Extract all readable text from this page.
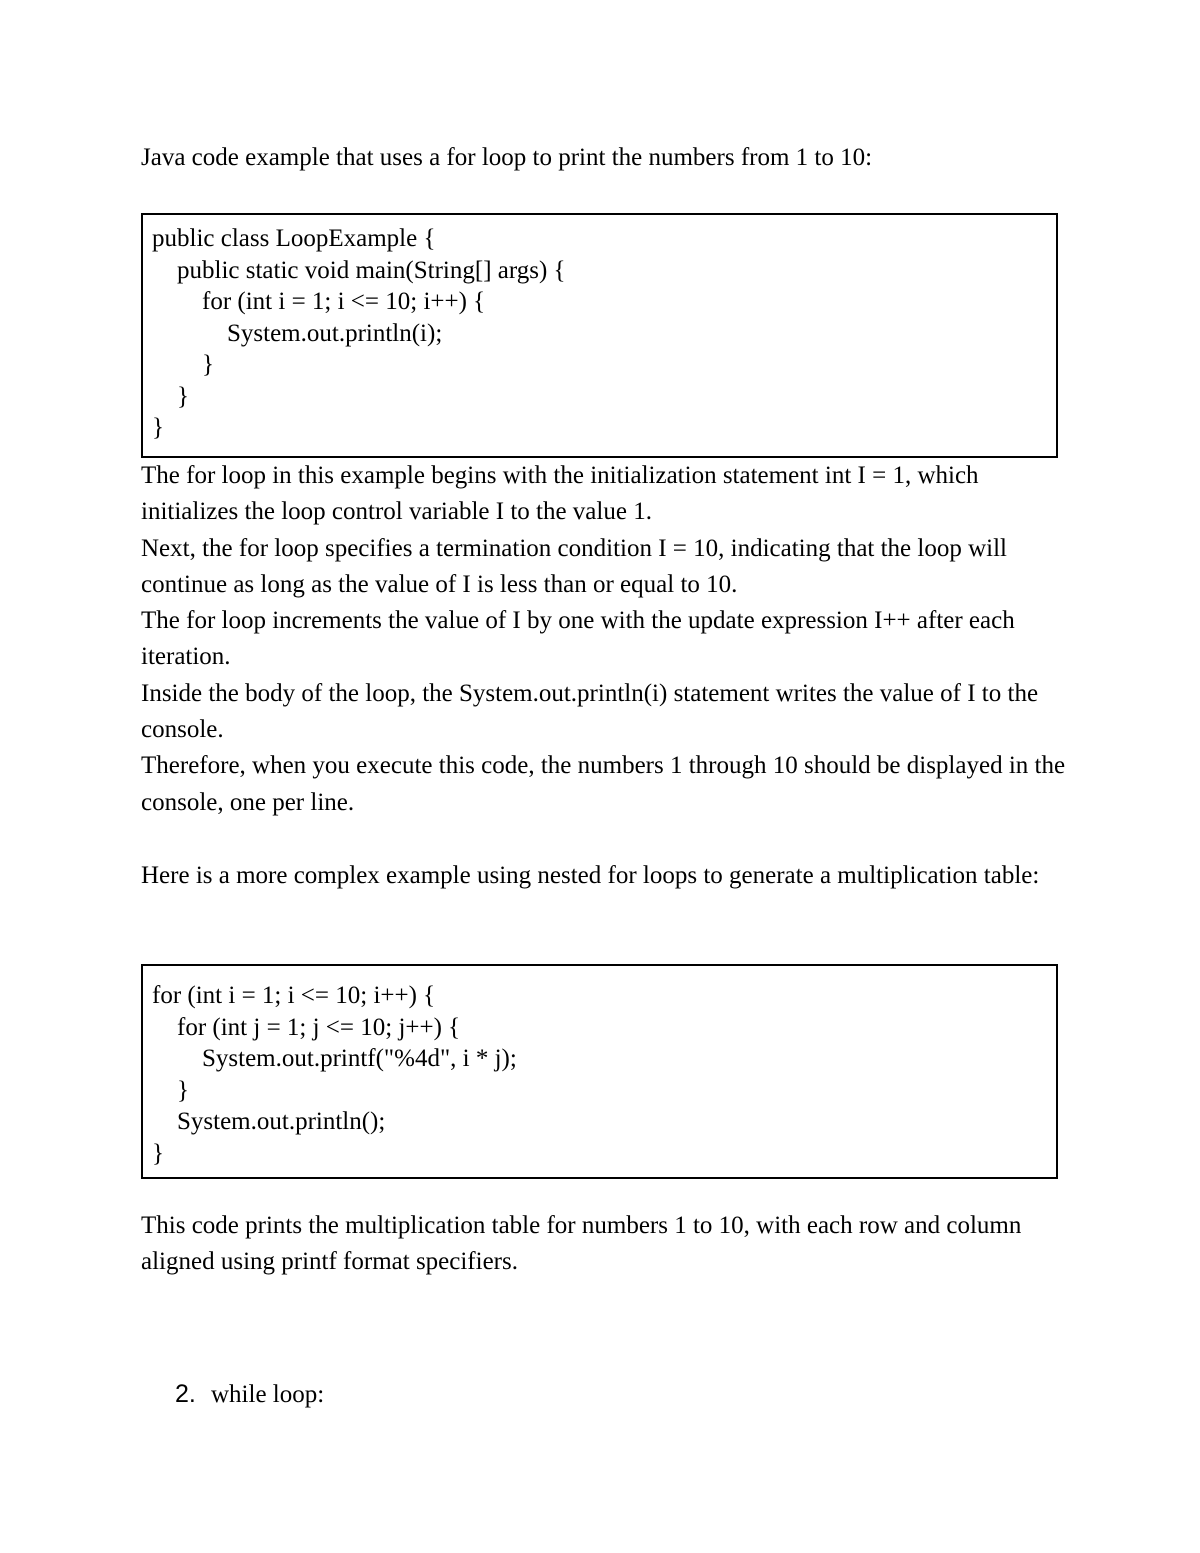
Java code example that uses a for loop to print the numbers from 1 to 10:
public class LoopExample {
public static void main(String[] args) {
for (int i = 1; i <= 10; i++) {
System.out.println(i);
}
}
}

The for loop in this example begins with the initialization statement int I = 1, which initializes the loop control variable I to the value 1.

Next, the for loop specifies a termination condition I = 10, indicating that the loop will continue as long as the value of I is less than or equal to 10.

The for loop increments the value of I by one with the update expression I++ after each iteration.

Inside the body of the loop, the System.out.println(i) statement writes the value of I to the console.

Therefore, when you execute this code, the numbers 1 through 10 should be displayed in the console, one per line.

Here is a more complex example using nested for loops to generate a multiplication table:

for (int i = 1; i <= 10; i++) {
for (int j = 1; j <= 10; j++) {
System.out.printf("%4d", i * j);
}
System.out.println();
}

This code prints the multiplication table for numbers 1 to 10, with each row and column aligned using printf format specifiers.

2. while loop:
